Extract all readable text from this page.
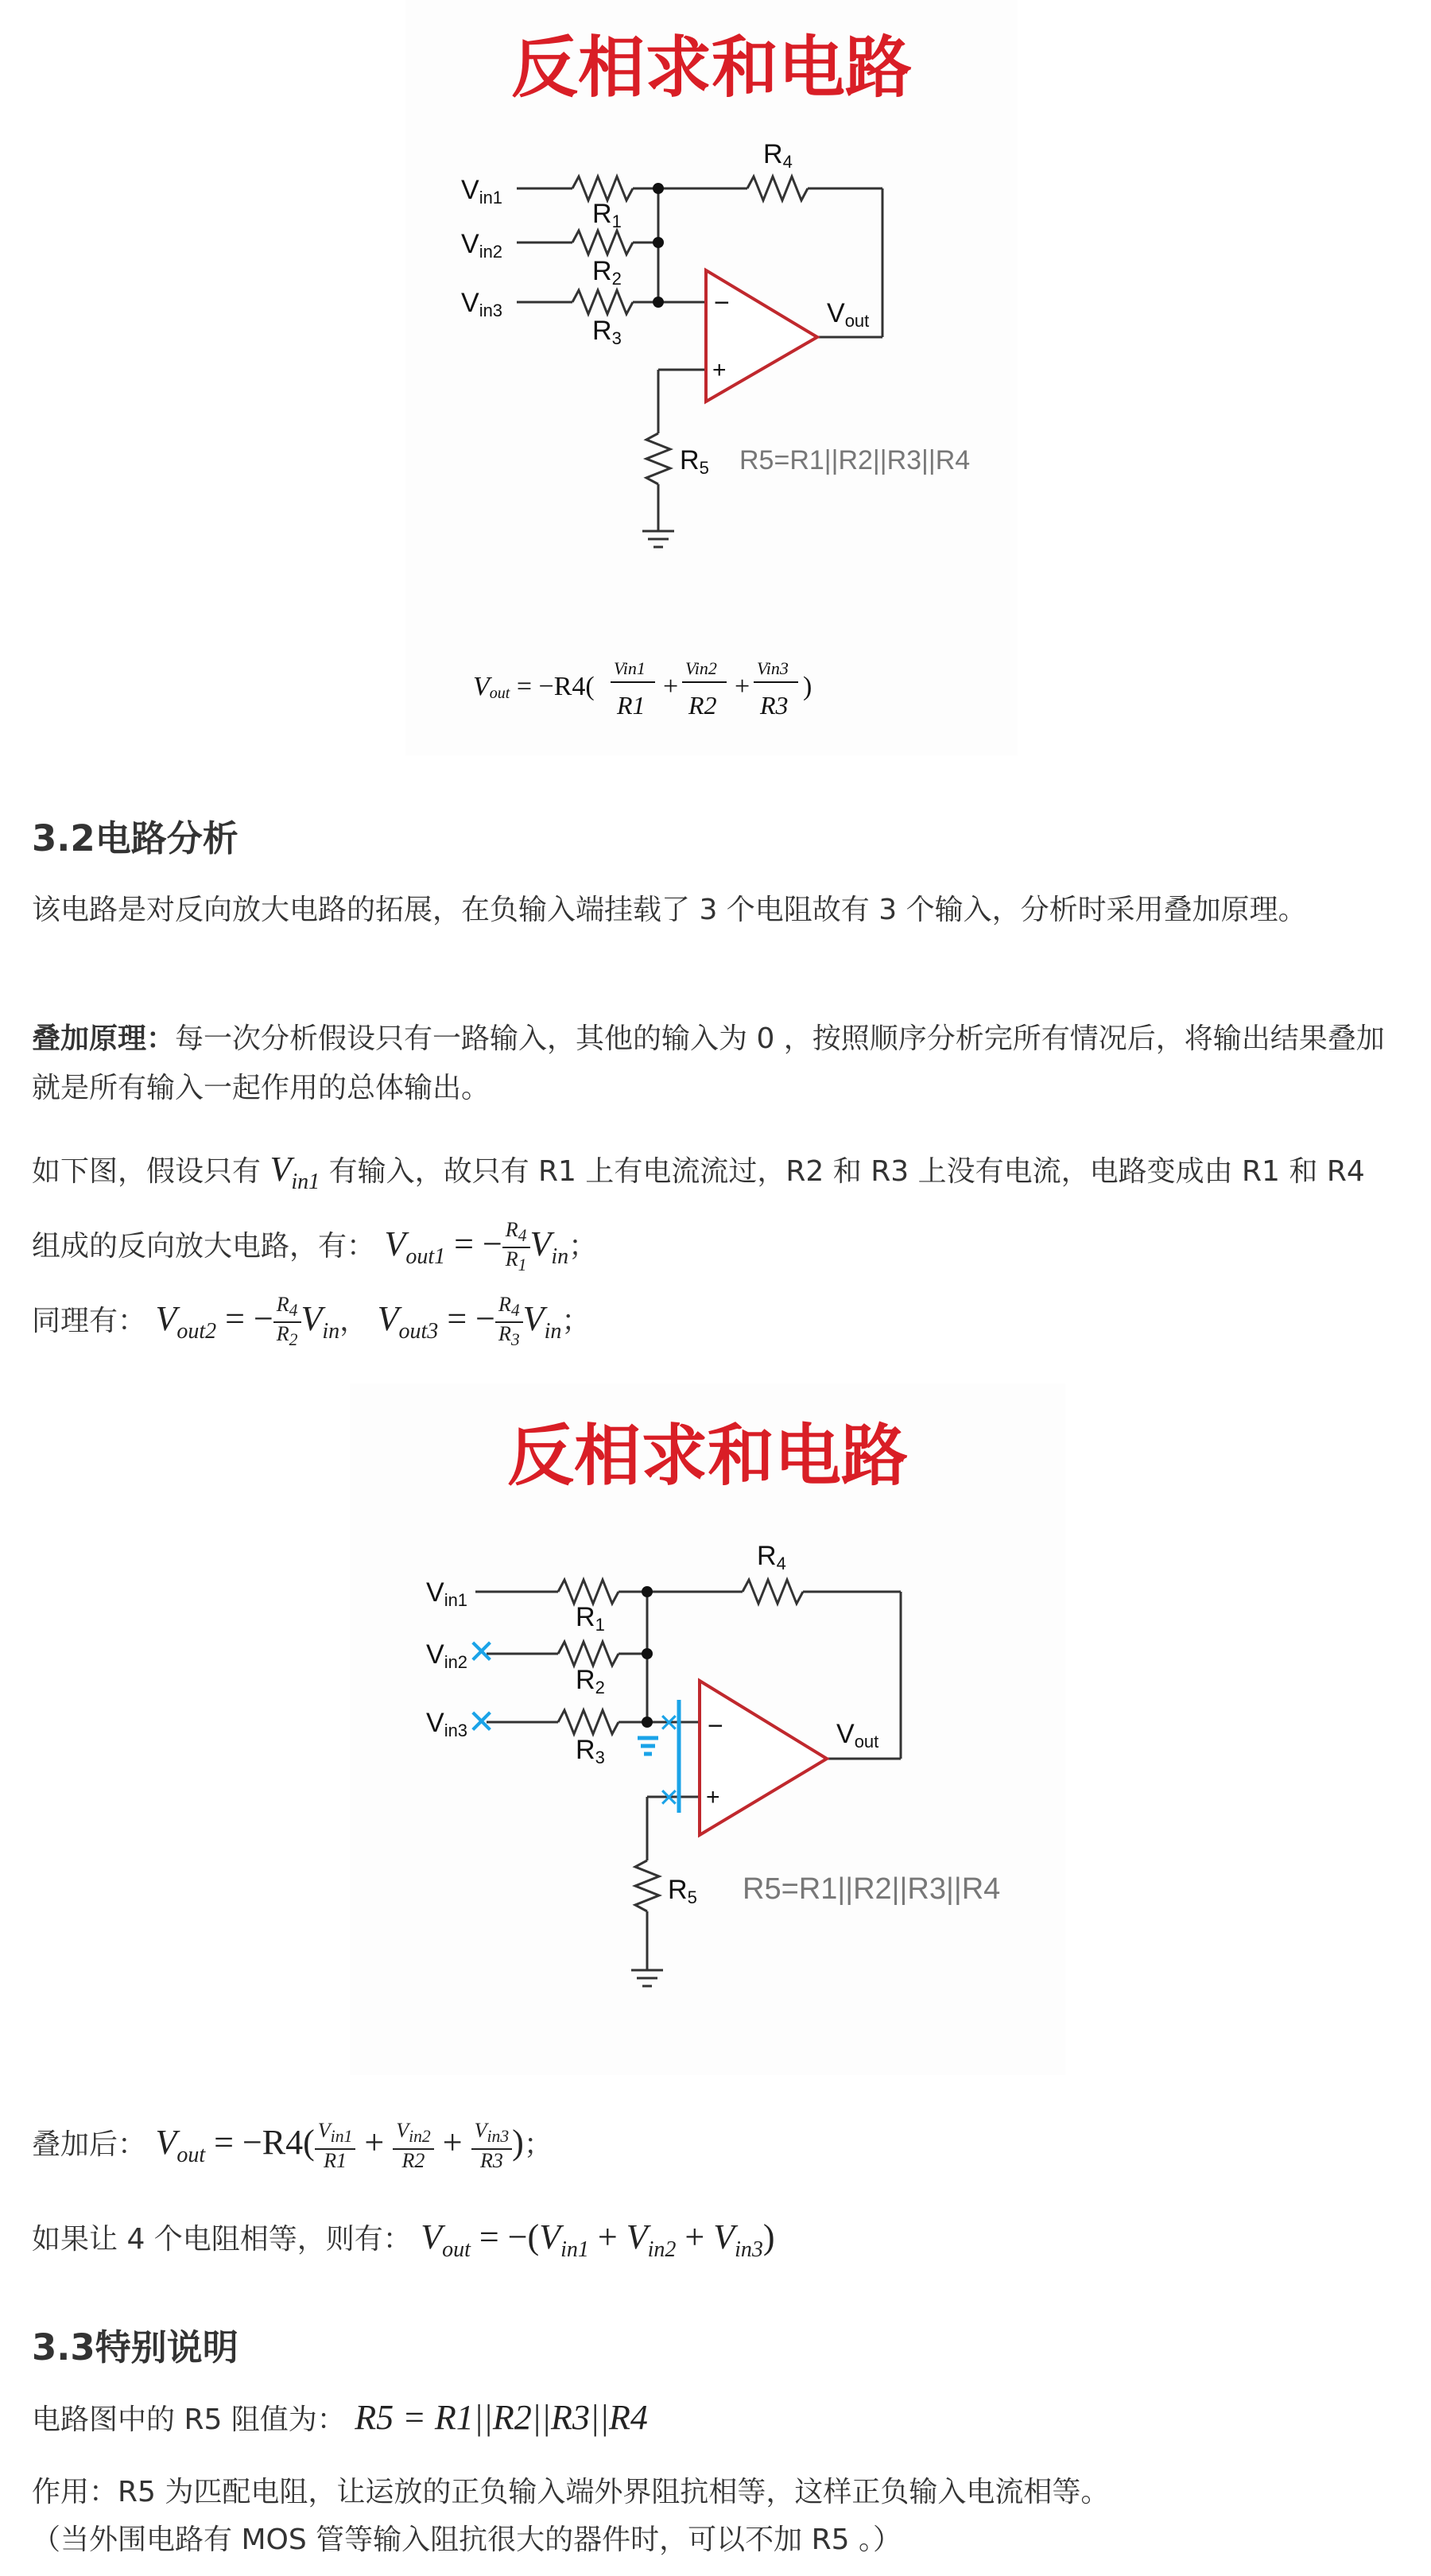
反相求和电路
−
+
Vin1
Vin2
Vin3
R1
R2
R3
R4
R5
Vout
R5=R1||R2||R3||R4
Vout = −R4(
Vin1
R1
+
Vin2
R2
+
Vin3
R3
)
3.2电路分析
该电路是对反向放大电路的拓展，在负输入端挂载了 3 个电阻故有 3 个输入，分析时采用叠加原理。
叠加原理：每一次分析假设只有一路输入，其他的输入为 0 ，按照顺序分析完所有情况后，将输出结果叠加就是所有输入一起作用的总体输出。
如下图，假设只有 $V_{in1}$ 有输入，故只有 R1 上有电流流过，R2 和 R3 上没有电流，电路变成由 R1 和 R4 组成的反向放大电路，有： $V_{out1}$ = − $\frac{R_4}{R_1} V_{in}$；
同理有： $V_{out2}$ = − $\frac{R_4}{R_2} V_{in}$， $V_{out3}$ = − $\frac{R_4}{R_3} V_{in}$；
反相求和电路
−
+
✕
✕	✕
✕
Vin1
Vin2
Vin3
R1
R2
R3
R4
R5
Vout
R5=R1||R2||R3||R4
叠加后： $V_{out} = -R4( \frac{V_{in1}}{R1} + \frac{V_{in2}}{R2} + \frac{V_{in3}}{R3}$ )；
如果让 4 个电阻相等，则有： $V_{out} = -(V_{in1} + V_{in2} + V_{in3})$
3.3特别说明
电路图中的 R5 阻值为： R5 = R1||R2||R3||R4
作用：R5 为匹配电阻，让运放的正负输入端外界阻抗相等，这样正负输入电流相等。
（当外围电路有 MOS 管等输入阻抗很大的器件时，可以不加 R5 。）
